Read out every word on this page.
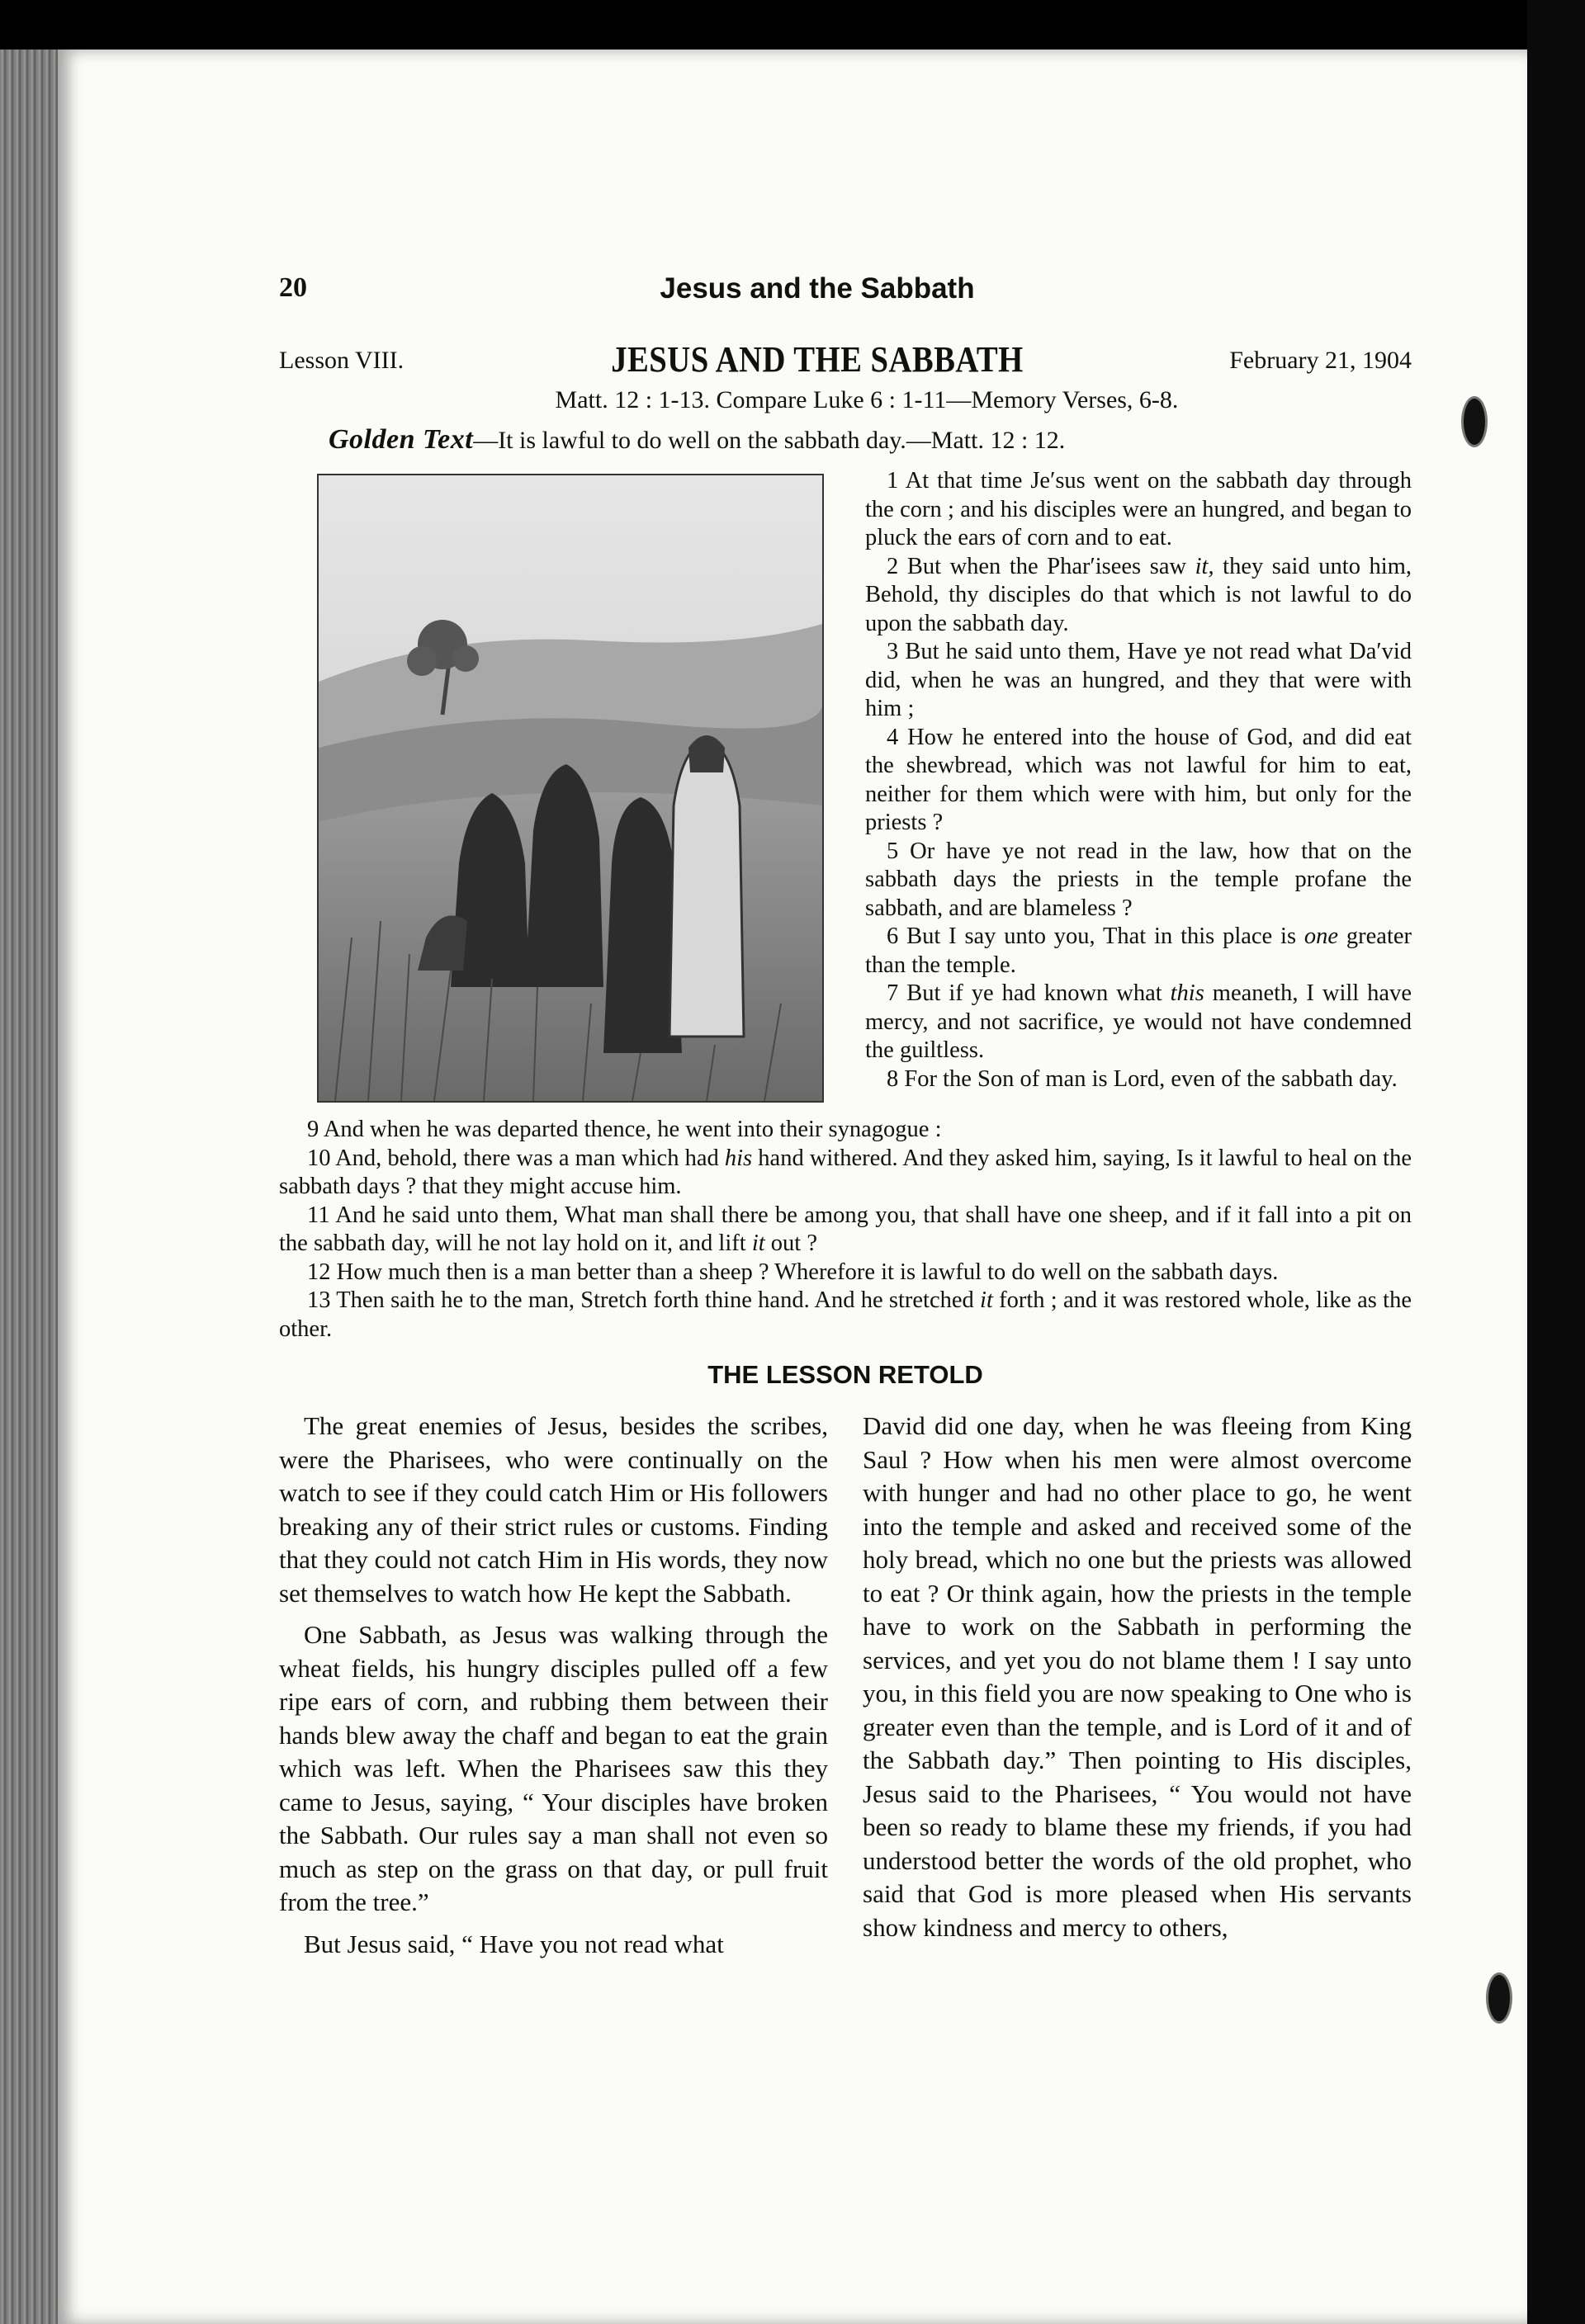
20	Jesus and the Sabbath
Lesson VIII.	JESUS AND THE SABBATH	February 21, 1904
Matt. 12 : 1-13. Compare Luke 6 : 1-11—Memory Verses, 6-8.
Golden Text—It is lawful to do well on the sabbath day.—Matt. 12 : 12.

1 At that time Je′sus went on the sabbath day through the corn ; and his disciples were an hungred, and began to pluck the ears of corn and to eat.

2 But when the Phar′isees saw it, they said unto him, Behold, thy disciples do that which is not lawful to do upon the sabbath day.

3 But he said unto them, Have ye not read what Da′vid did, when he was an hungred, and they that were with him ;

4 How he entered into the house of God, and did eat the shewbread, which was not lawful for him to eat, neither for them which were with him, but only for the priests ?

5 Or have ye not read in the law, how that on the sabbath days the priests in the temple profane the sabbath, and are blameless ?

6 But I say unto you, That in this place is one greater than the temple.

7 But if ye had known what this meaneth, I will have mercy, and not sacrifice, ye would not have condemned the guiltless.

8 For the Son of man is Lord, even of the sabbath day.

9 And when he was departed thence, he went into their synagogue :

10 And, behold, there was a man which had his hand withered. And they asked him, saying, Is it lawful to heal on the sabbath days ? that they might accuse him.

11 And he said unto them, What man shall there be among you, that shall have one sheep, and if it fall into a pit on the sabbath day, will he not lay hold on it, and lift it out ?

12 How much then is a man better than a sheep ? Wherefore it is lawful to do well on the sabbath days.

13 Then saith he to the man, Stretch forth thine hand. And he stretched it forth ; and it was restored whole, like as the other.

THE LESSON RETOLD

The great enemies of Jesus, besides the scribes, were the Pharisees, who were continually on the watch to see if they could catch Him or His followers breaking any of their strict rules or customs. Finding that they could not catch Him in His words, they now set themselves to watch how He kept the Sabbath.

One Sabbath, as Jesus was walking through the wheat fields, his hungry disciples pulled off a few ripe ears of corn, and rubbing them between their hands blew away the chaff and began to eat the grain which was left. When the Pharisees saw this they came to Jesus, saying, “ Your disciples have broken the Sabbath. Our rules say a man shall not even so much as step on the grass on that day, or pull fruit from the tree.”

But Jesus said, “ Have you not read what

David did one day, when he was fleeing from King Saul ? How when his men were almost overcome with hunger and had no other place to go, he went into the temple and asked and received some of the holy bread, which no one but the priests was allowed to eat ? Or think again, how the priests in the temple have to work on the Sabbath in performing the services, and yet you do not blame them ! I say unto you, in this field you are now speaking to One who is greater even than the temple, and is Lord of it and of the Sabbath day.” Then pointing to His disciples, Jesus said to the Pharisees, “ You would not have been so ready to blame these my friends, if you had understood better the words of the old prophet, who said that God is more pleased when His servants show kindness and mercy to others,
